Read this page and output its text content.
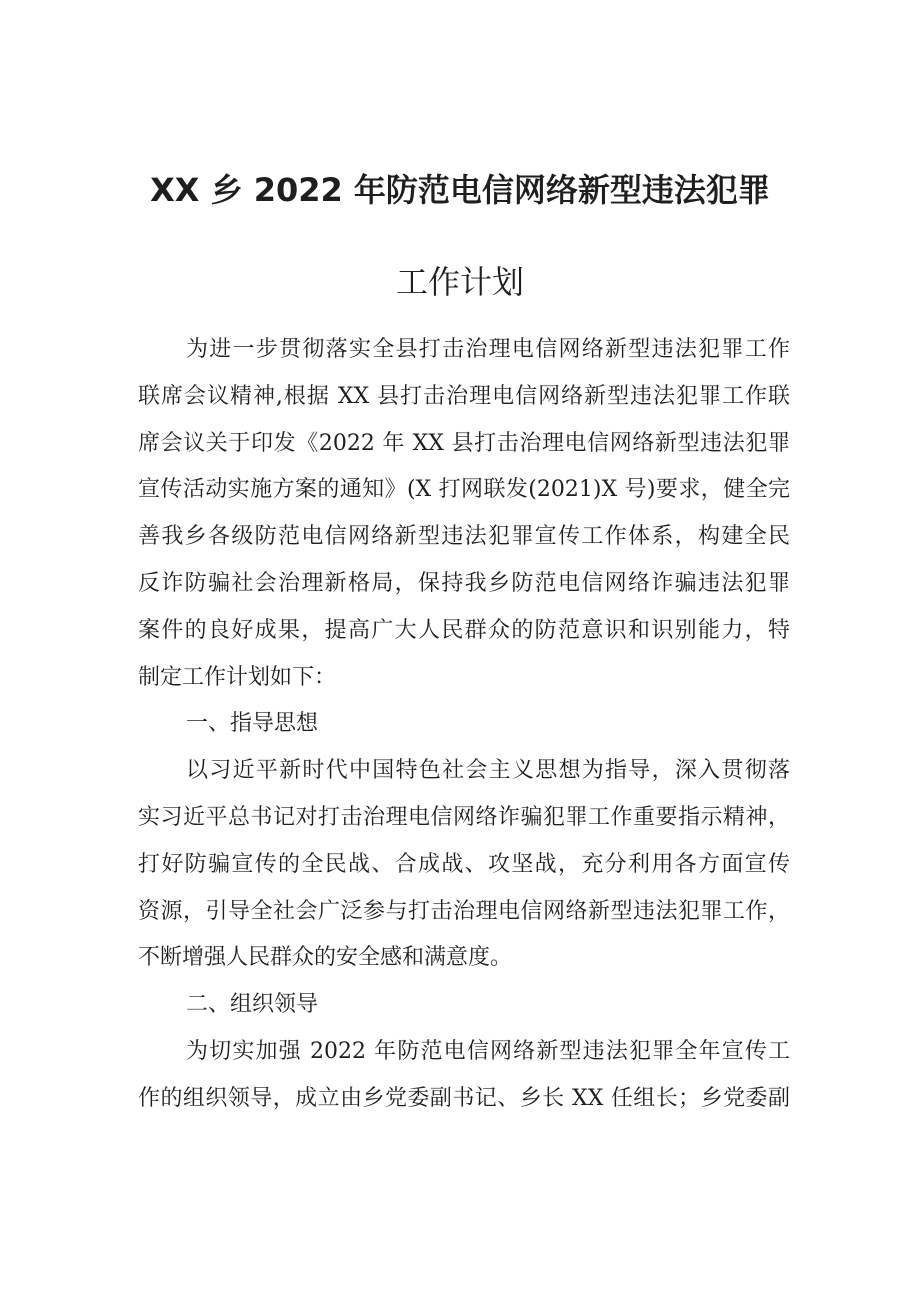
XX 乡 2022 年防范电信网络新型违法犯罪
工作计划
为进一步贯彻落实全县打击治理电信网络新型违法犯罪工作
联席会议精神,根据 XX 县打击治理电信网络新型违法犯罪工作联
席会议关于印发《2022 年 XX 县打击治理电信网络新型违法犯罪
宣传活动实施方案的通知》(X 打网联发(2021)X 号)要求，健全完
善我乡各级防范电信网络新型违法犯罪宣传工作体系，构建全民
反诈防骗社会治理新格局，保持我乡防范电信网络诈骗违法犯罪
案件的良好成果，提高广大人民群众的防范意识和识别能力，特
制定工作计划如下：
一、指导思想
以习近平新时代中国特色社会主义思想为指导，深入贯彻落
实习近平总书记对打击治理电信网络诈骗犯罪工作重要指示精神，
打好防骗宣传的全民战、合成战、攻坚战，充分利用各方面宣传
资源，引导全社会广泛参与打击治理电信网络新型违法犯罪工作，
不断增强人民群众的安全感和满意度。
二、组织领导
为切实加强 2022 年防范电信网络新型违法犯罪全年宣传工
作的组织领导，成立由乡党委副书记、乡长 XX 任组长；乡党委副
